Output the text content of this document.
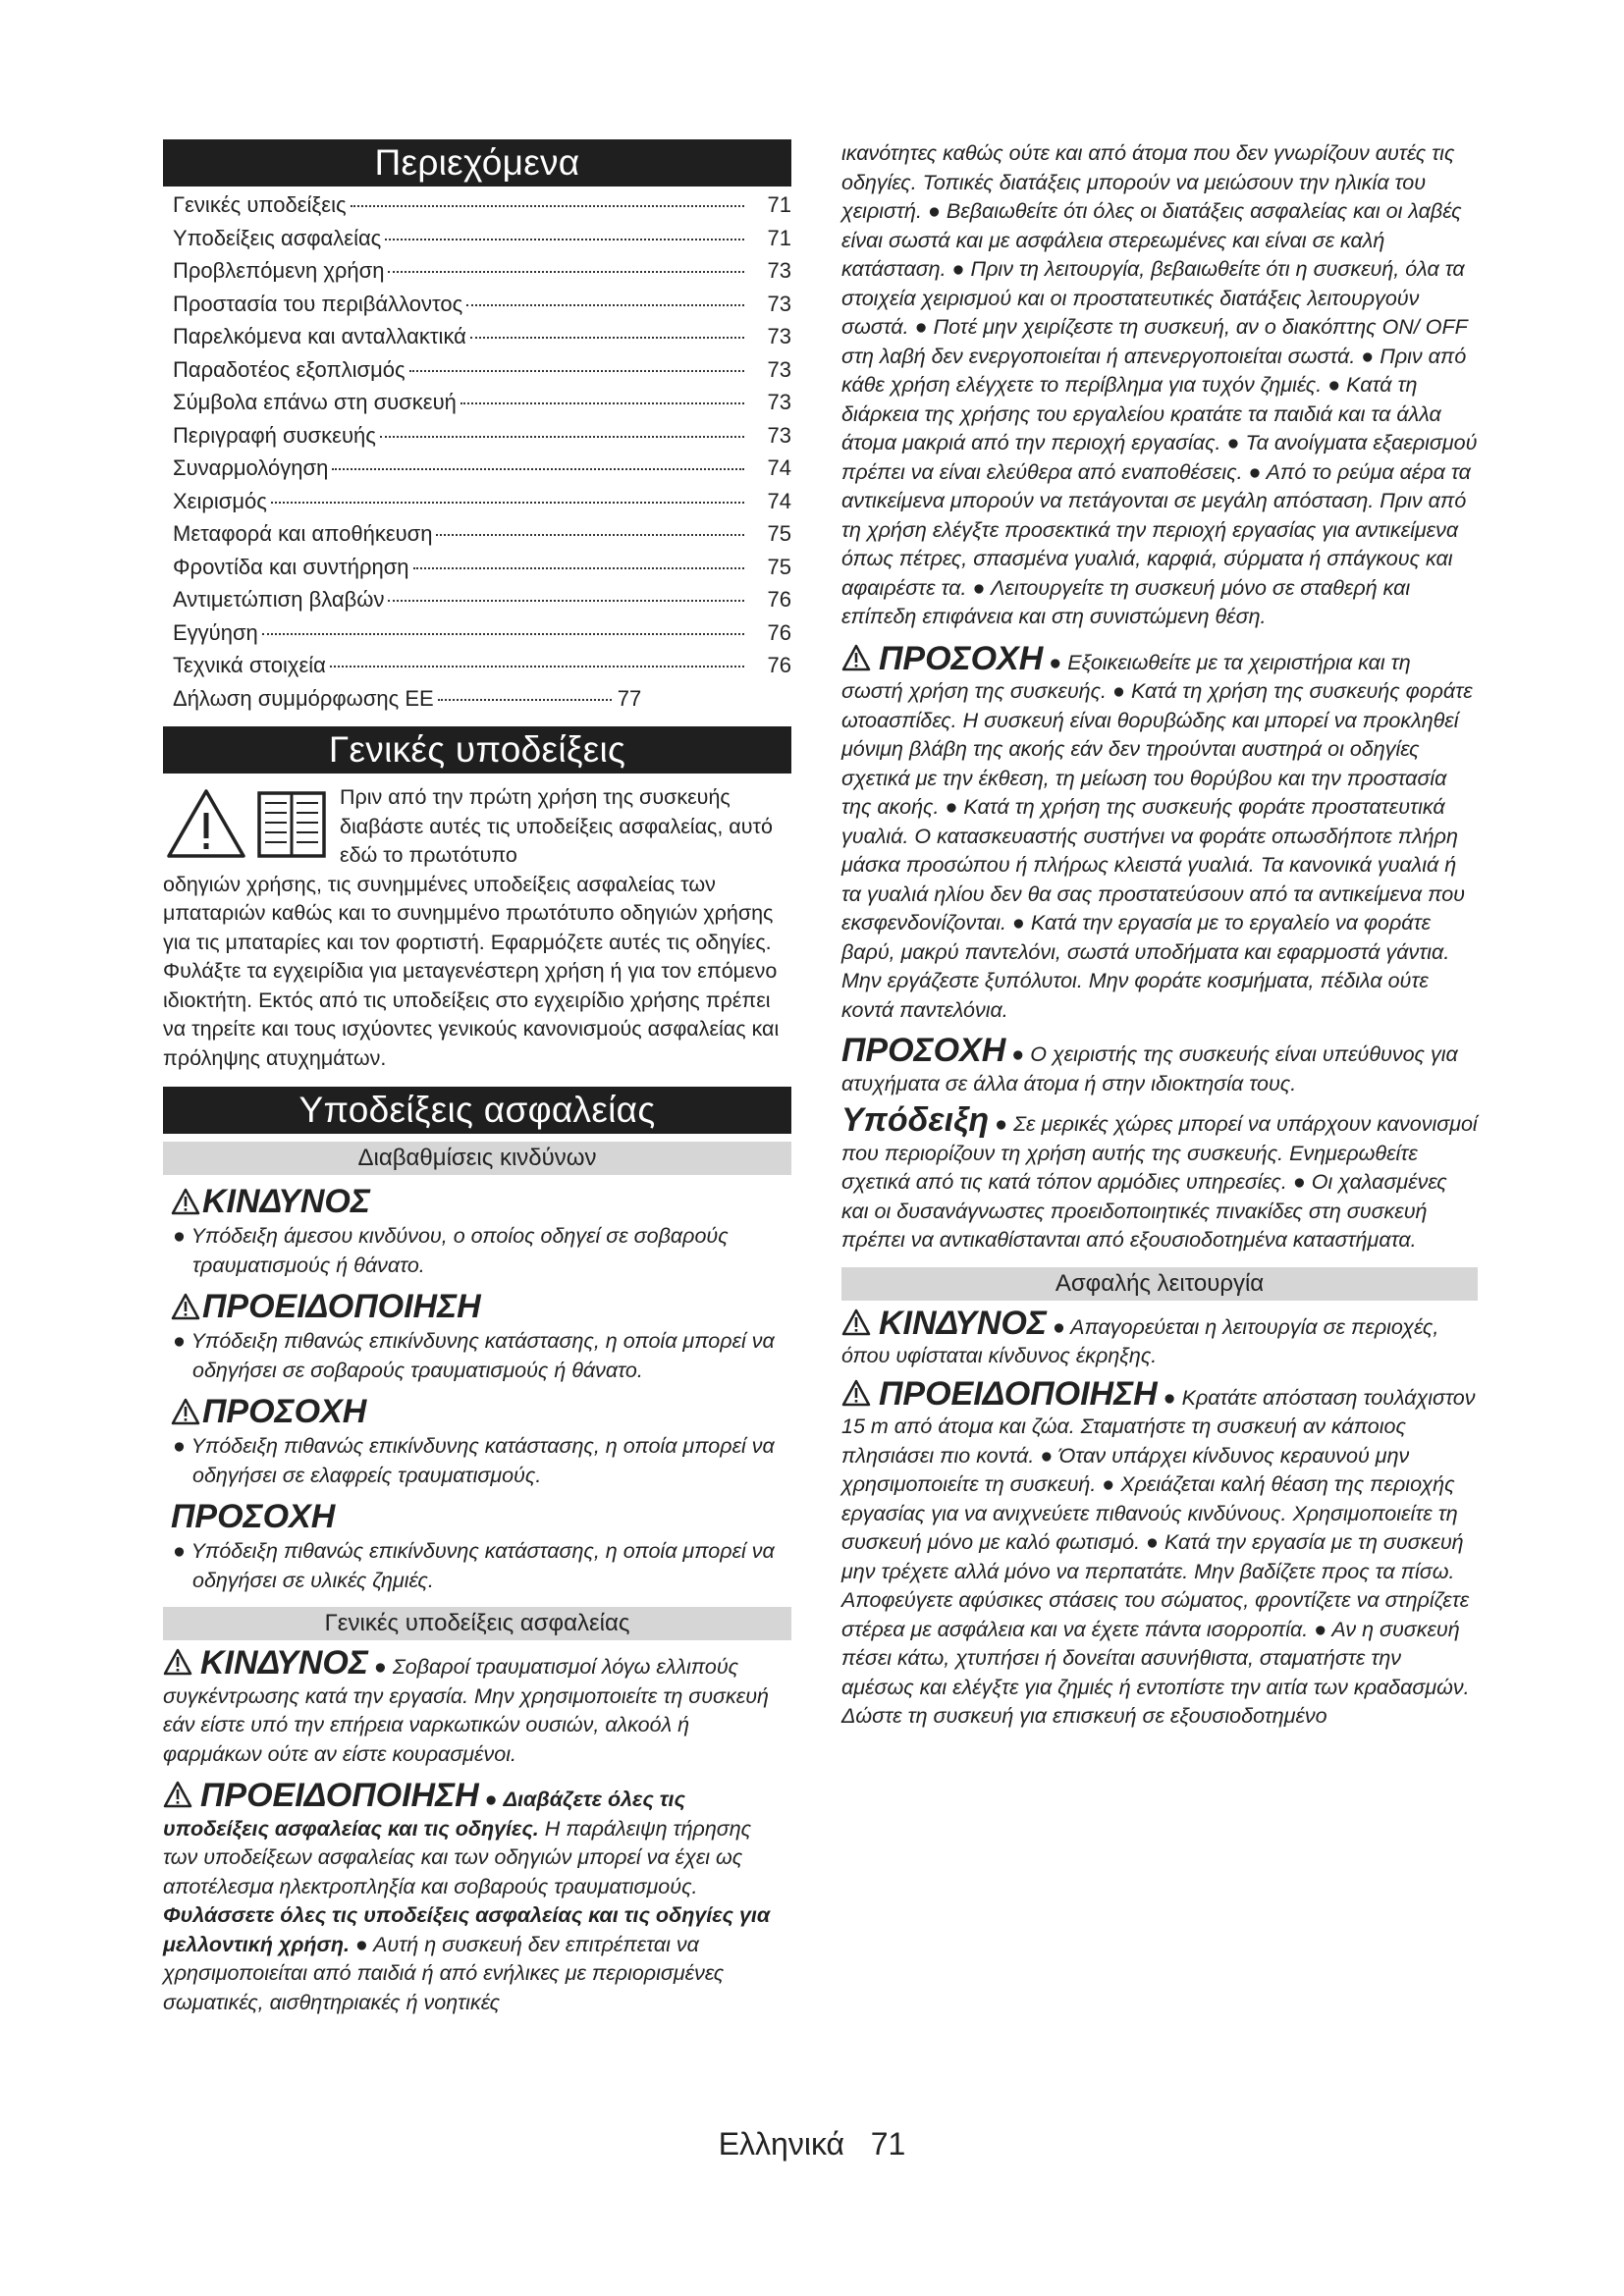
Περιεχόμενα
Γενικές υποδείξεις	71
Υποδείξεις ασφαλείας	71
Προβλεπόμενη χρήση	73
Προστασία του περιβάλλοντος	73
Παρελκόμενα και ανταλλακτικά	73
Παραδοτέος εξοπλισμός	73
Σύμβολα επάνω στη συσκευή	73
Περιγραφή συσκευής	73
Συναρμολόγηση	74
Χειρισμός	74
Μεταφορά και αποθήκευση	75
Φροντίδα και συντήρηση	75
Αντιμετώπιση βλαβών	76
Εγγύηση	76
Τεχνικά στοιχεία	76
Δήλωση συμμόρφωσης ΕΕ	77
Γενικές υποδείξεις

Πριν από την πρώτη χρήση της συσκευής διαβάστε αυτές τις υποδείξεις ασφαλείας, αυτό εδώ το πρωτότυπο

οδηγιών χρήσης, τις συνημμένες υποδείξεις ασφαλείας των μπαταριών καθώς και το συνημμένο πρωτότυπο οδηγιών χρήσης για τις μπαταρίες και τον φορτιστή. Εφαρμόζετε αυτές τις οδηγίες. Φυλάξτε τα εγχειρίδια για μεταγενέστερη χρήση ή για τον επόμενο ιδιοκτήτη. Εκτός από τις υποδείξεις στο εγχειρίδιο χρήσης πρέπει να τηρείτε και τους ισχύοντες γενικούς κανονισμούς ασφαλείας και πρόληψης ατυχημάτων.

Υποδείξεις ασφαλείας
Διαβαθμίσεις κινδύνων
ΚΙΝΔΥΝΟΣ
● Υπόδειξη άμεσου κινδύνου, ο οποίος οδηγεί σε σοβαρούς τραυματισμούς ή θάνατο.
ΠΡΟΕΙΔΟΠΟΙΗΣΗ
● Υπόδειξη πιθανώς επικίνδυνης κατάστασης, η οποία μπορεί να οδηγήσει σε σοβαρούς τραυματισμούς ή θάνατο.
ΠΡΟΣΟΧΗ
● Υπόδειξη πιθανώς επικίνδυνης κατάστασης, η οποία μπορεί να οδηγήσει σε ελαφρείς τραυματισμούς.
ΠΡΟΣΟΧΗ
● Υπόδειξη πιθανώς επικίνδυνης κατάστασης, η οποία μπορεί να οδηγήσει σε υλικές ζημιές.
Γενικές υποδείξεις ασφαλείας

ΚΙΝΔΥΝΟΣ ● Σοβαροί τραυματισμοί λόγω ελλιπούς συγκέντρωσης κατά την εργασία. Μην χρησιμοποιείτε τη συσκευή εάν είστε υπό την επήρεια ναρκωτικών ουσιών, αλκοόλ ή φαρμάκων ούτε αν είστε κουρασμένοι.

ΠΡΟΕΙΔΟΠΟΙΗΣΗ ● Διαβάζετε όλες τις υποδείξεις ασφαλείας και τις οδηγίες. Η παράλειψη τήρησης των υποδείξεων ασφαλείας και των οδηγιών μπορεί να έχει ως αποτέλεσμα ηλεκτροπληξία και σοβαρούς τραυματισμούς. Φυλάσσετε όλες τις υποδείξεις ασφαλείας και τις οδηγίες για μελλοντική χρήση. ● Αυτή η συσκευή δεν επιτρέπεται να χρησιμοποιείται από παιδιά ή από ενήλικες με περιορισμένες σωματικές, αισθητηριακές ή νοητικές

ικανότητες καθώς ούτε και από άτομα που δεν γνωρίζουν αυτές τις οδηγίες. Τοπικές διατάξεις μπορούν να μειώσουν την ηλικία του χειριστή. ● Βεβαιωθείτε ότι όλες οι διατάξεις ασφαλείας και οι λαβές είναι σωστά και με ασφάλεια στερεωμένες και είναι σε καλή κατάσταση. ● Πριν τη λειτουργία, βεβαιωθείτε ότι η συσκευή, όλα τα στοιχεία χειρισμού και οι προστατευτικές διατάξεις λειτουργούν σωστά. ● Ποτέ μην χειρίζεστε τη συσκευή, αν ο διακόπτης ON/ OFF στη λαβή δεν ενεργοποιείται ή απενεργοποιείται σωστά. ● Πριν από κάθε χρήση ελέγχετε το περίβλημα για τυχόν ζημιές. ● Κατά τη διάρκεια της χρήσης του εργαλείου κρατάτε τα παιδιά και τα άλλα άτομα μακριά από την περιοχή εργασίας. ● Τα ανοίγματα εξαερισμού πρέπει να είναι ελεύθερα από εναποθέσεις. ● Από το ρεύμα αέρα τα αντικείμενα μπορούν να πετάγονται σε μεγάλη απόσταση. Πριν από τη χρήση ελέγξτε προσεκτικά την περιοχή εργασίας για αντικείμενα όπως πέτρες, σπασμένα γυαλιά, καρφιά, σύρματα ή σπάγκους και αφαιρέστε τα. ● Λειτουργείτε τη συσκευή μόνο σε σταθερή και επίπεδη επιφάνεια και στη συνιστώμενη θέση.

ΠΡΟΣΟΧΗ ● Εξοικειωθείτε με τα χειριστήρια και τη σωστή χρήση της συσκευής. ● Κατά τη χρήση της συσκευής φοράτε ωτοασπίδες. Η συσκευή είναι θορυβώδης και μπορεί να προκληθεί μόνιμη βλάβη της ακοής εάν δεν τηρούνται αυστηρά οι οδηγίες σχετικά με την έκθεση, τη μείωση του θορύβου και την προστασία της ακοής. ● Κατά τη χρήση της συσκευής φοράτε προστατευτικά γυαλιά. Ο κατασκευαστής συστήνει να φοράτε οπωσδήποτε πλήρη μάσκα προσώπου ή πλήρως κλειστά γυαλιά. Τα κανονικά γυαλιά ή τα γυαλιά ηλίου δεν θα σας προστατεύσουν από τα αντικείμενα που εκσφενδονίζονται. ● Κατά την εργασία με το εργαλείο να φοράτε βαρύ, μακρύ παντελόνι, σωστά υποδήματα και εφαρμοστά γάντια. Μην εργάζεστε ξυπόλυτοι. Μην φοράτε κοσμήματα, πέδιλα ούτε κοντά παντελόνια.

ΠΡΟΣΟΧΗ ● Ο χειριστής της συσκευής είναι υπεύθυνος για ατυχήματα σε άλλα άτομα ή στην ιδιοκτησία τους.

Υπόδειξη ● Σε μερικές χώρες μπορεί να υπάρχουν κανονισμοί που περιορίζουν τη χρήση αυτής της συσκευής. Ενημερωθείτε σχετικά από τις κατά τόπον αρμόδιες υπηρεσίες. ● Οι χαλασμένες και οι δυσανάγνωστες προειδοποιητικές πινακίδες στη συσκευή πρέπει να αντικαθίστανται από εξουσιοδοτημένα καταστήματα.

Ασφαλής λειτουργία

ΚΙΝΔΥΝΟΣ ● Απαγορεύεται η λειτουργία σε περιοχές, όπου υφίσταται κίνδυνος έκρηξης.

ΠΡΟΕΙΔΟΠΟΙΗΣΗ ● Κρατάτε απόσταση τουλάχιστον 15 m από άτομα και ζώα. Σταματήστε τη συσκευή αν κάποιος πλησιάσει πιο κοντά. ● Όταν υπάρχει κίνδυνος κεραυνού μην χρησιμοποιείτε τη συσκευή. ● Χρειάζεται καλή θέαση της περιοχής εργασίας για να ανιχνεύετε πιθανούς κινδύνους. Χρησιμοποιείτε τη συσκευή μόνο με καλό φωτισμό. ● Κατά την εργασία με τη συσκευή μην τρέχετε αλλά μόνο να περπατάτε. Μην βαδίζετε προς τα πίσω. Αποφεύγετε αφύσικες στάσεις του σώματος, φροντίζετε να στηρίζετε στέρεα με ασφάλεια και να έχετε πάντα ισορροπία. ● Αν η συσκευή πέσει κάτω, χτυπήσει ή δονείται ασυνήθιστα, σταματήστε την αμέσως και ελέγξτε για ζημιές ή εντοπίστε την αιτία των κραδασμών. Δώστε τη συσκευή για επισκευή σε εξουσιοδοτημένο

Ελληνικά 71
